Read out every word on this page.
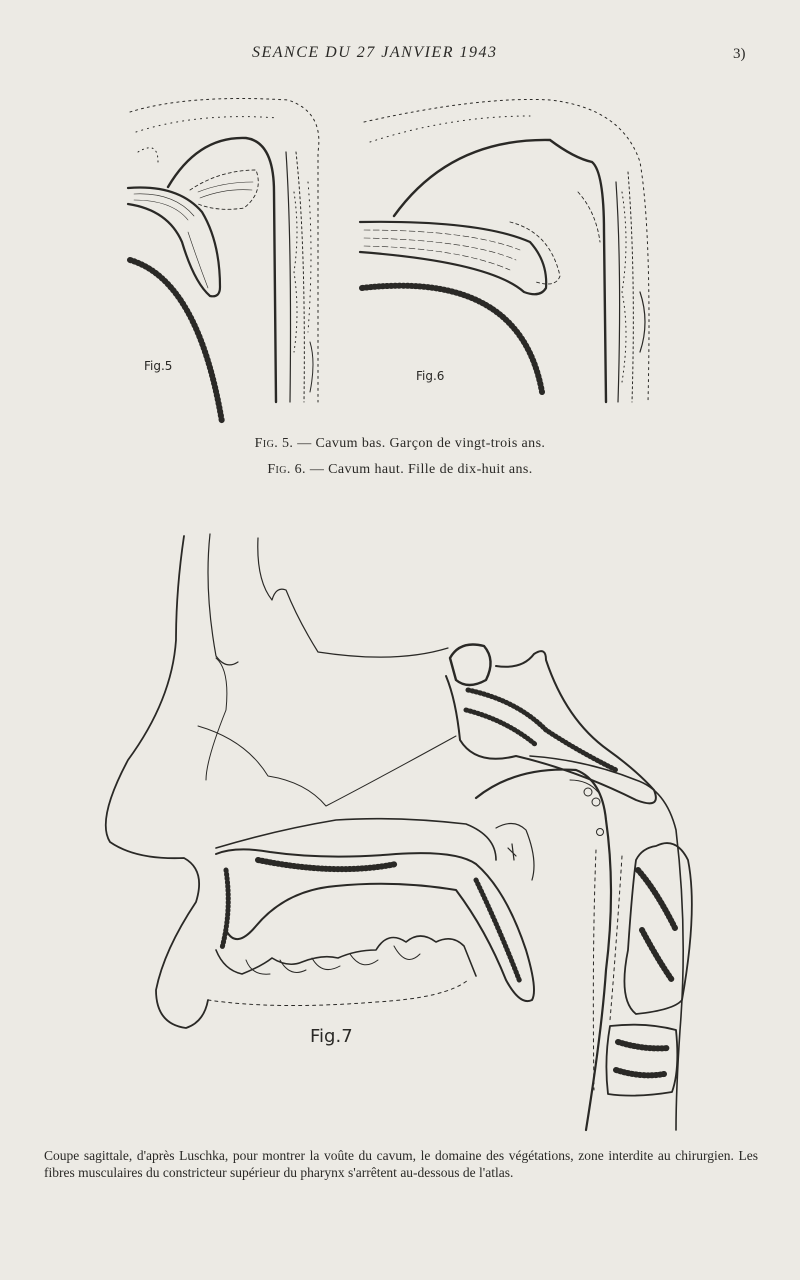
SEANCE DU 27 JANVIER 1943	3)
Fig.5
Fig.6
Fig. 5. — Cavum bas. Garçon de vingt-trois ans.
Fig. 6. — Cavum haut. Fille de dix-huit ans.
Fig.7
Coupe sagittale, d'après Luschka, pour montrer la voûte du cavum, le domaine des végétations, zone interdite au chirurgien. Les fibres musculaires du constricteur supérieur du pharynx s'arrêtent au-dessous de l'atlas.
